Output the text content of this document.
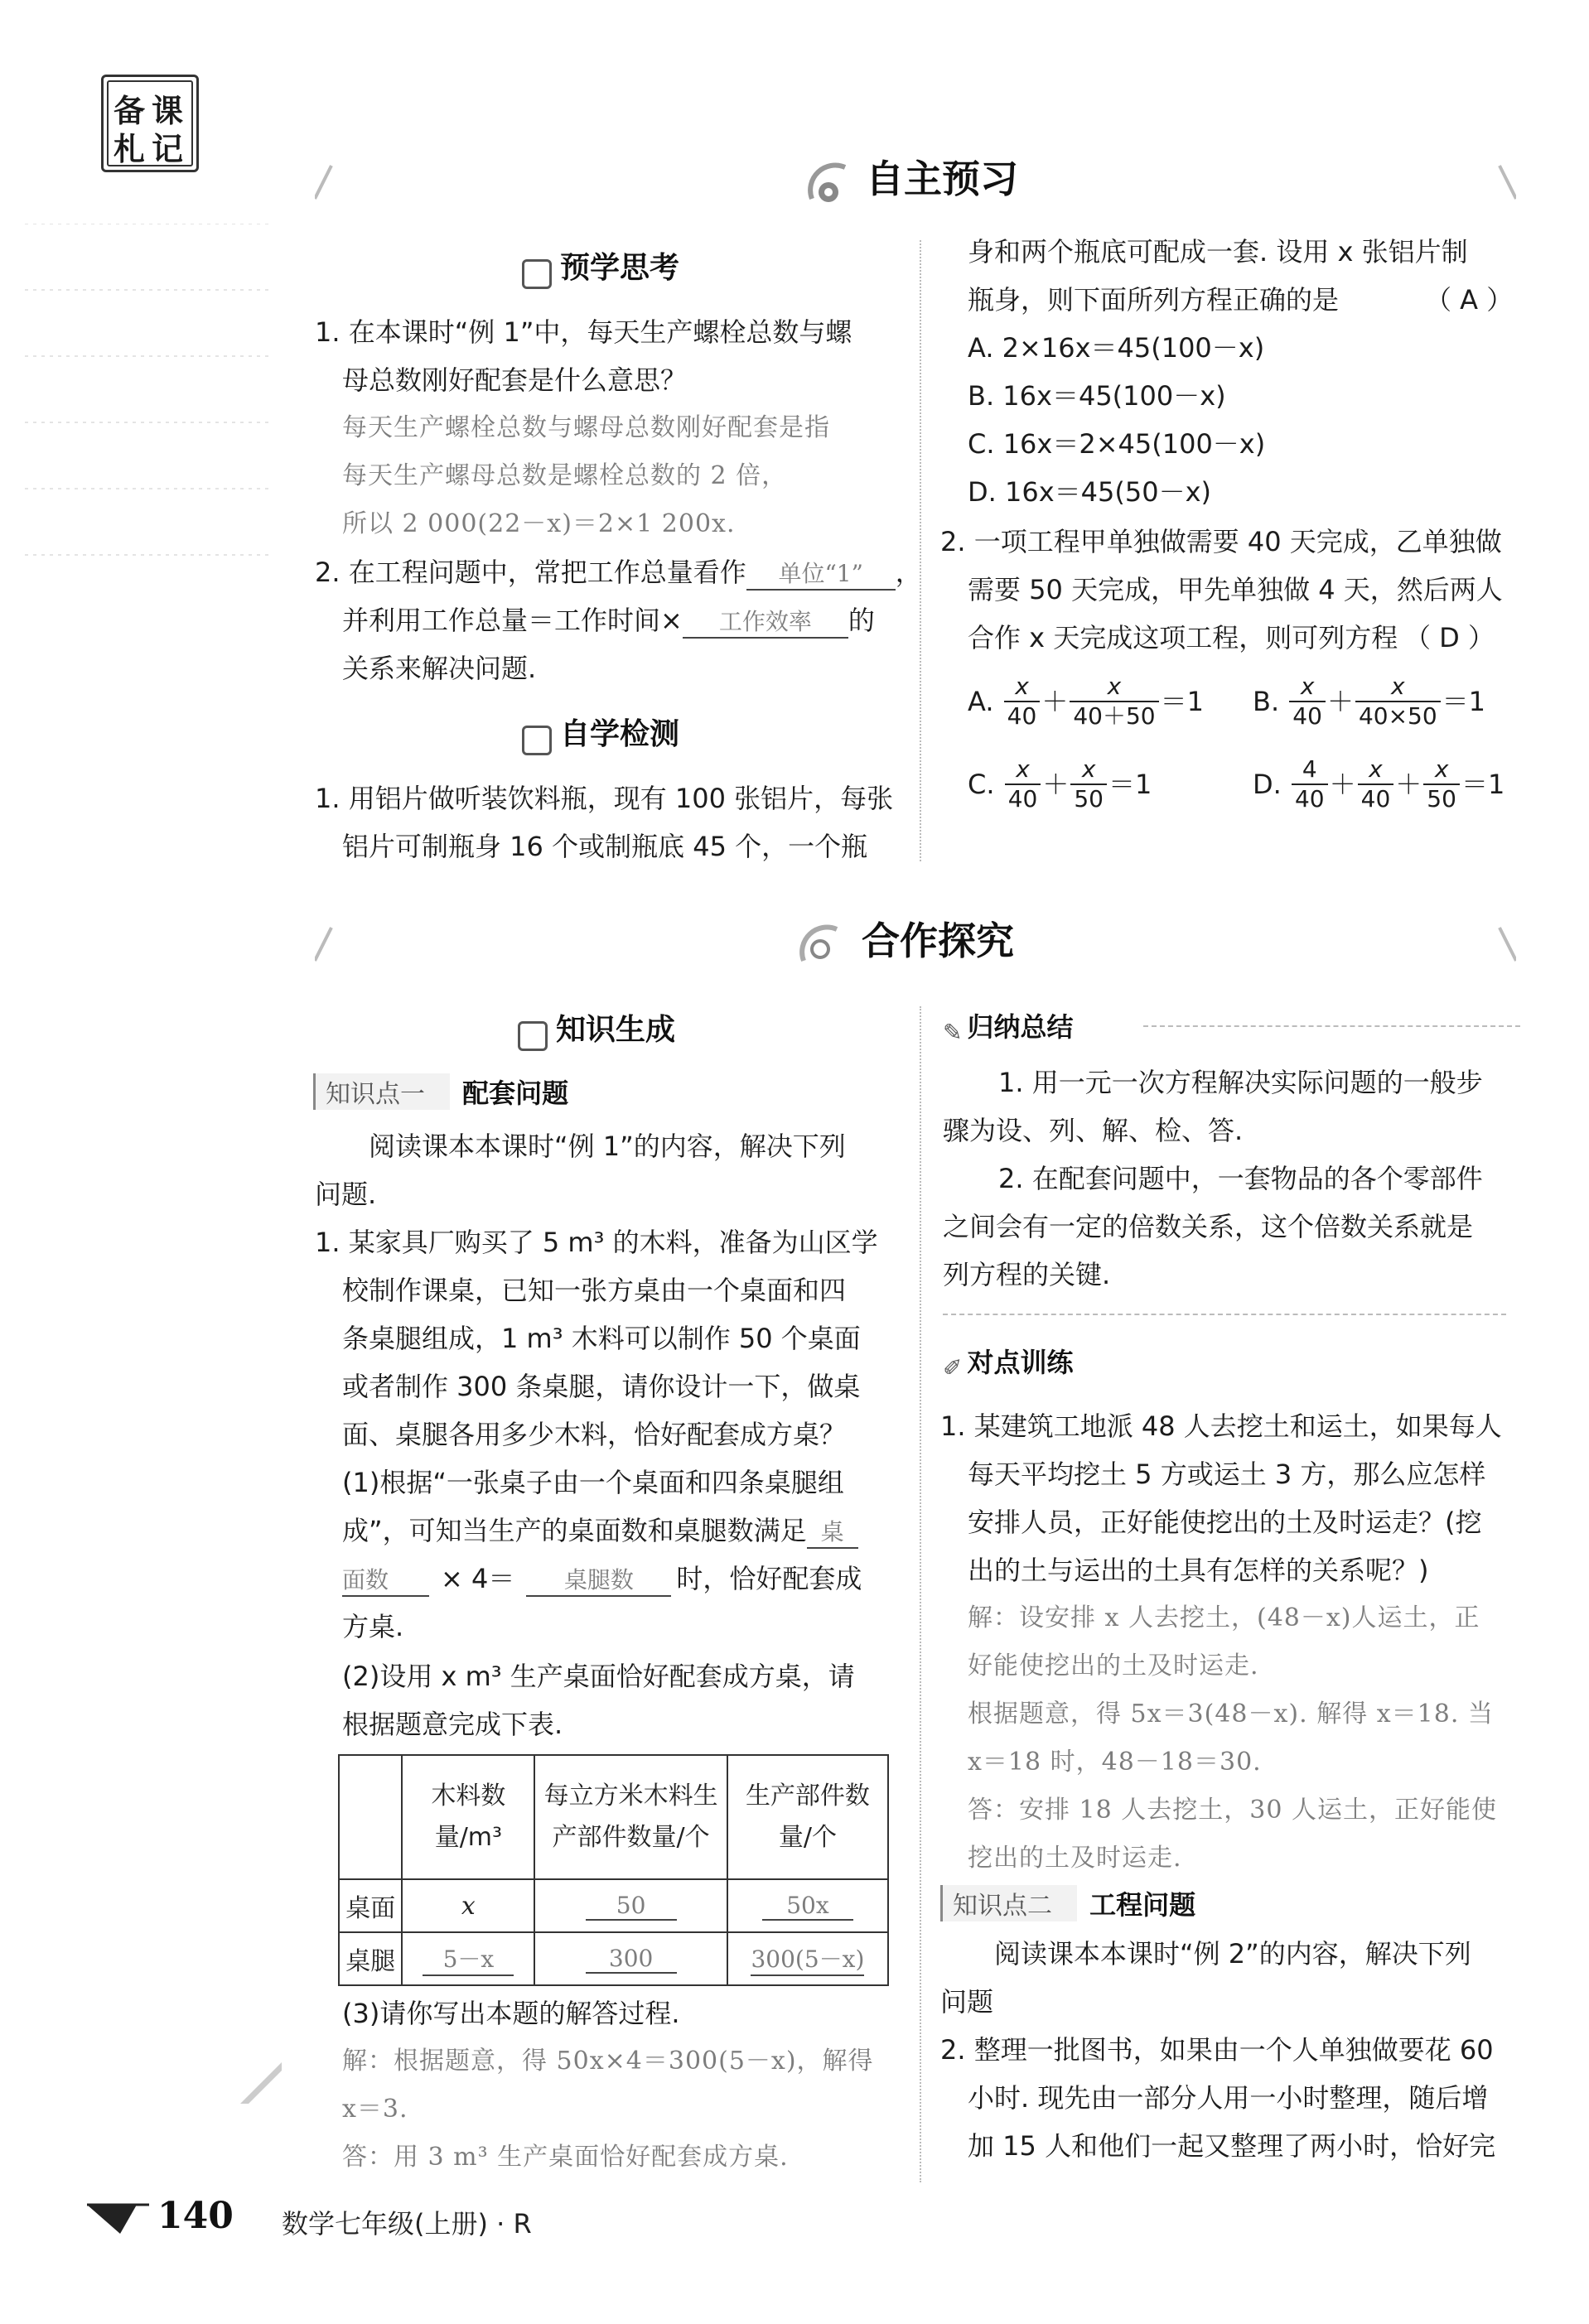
备 课
札 记
自主预习
预学思考
1. 在本课时“例 1”中，每天生产螺栓总数与螺
母总数刚好配套是什么意思？
每天生产螺栓总数与螺母总数刚好配套是指
每天生产螺母总数是螺栓总数的 2 倍，
所以 2 000(22－x)＝2×1 200x.
2. 在工程问题中，常把工作总量看作 单位“1” ，
并利用工作总量＝工作时间× 工作效率 的
关系来解决问题.
自学检测
1. 用铝片做听装饮料瓶，现有 100 张铝片，每张
铝片可制瓶身 16 个或制瓶底 45 个，一个瓶
身和两个瓶底可配成一套. 设用 x 张铝片制
瓶身，则下面所列方程正确的是	（ A ）
A. 2×16x＝45(100－x)
B. 16x＝45(100－x)
C. 16x＝2×45(100－x)
D. 16x＝45(50－x)
2. 一项工程甲单独做需要 40 天完成，乙单独做
需要 50 天完成，甲先单独做 4 天，然后两人
合作 x 天完成这项工程，则可列方程 （ D ）
A. $\frac{x}{40} + \frac{x}{40+50} =1$ B. $\frac{x}{40} + \frac{x}{40\times 50} =1$
C. $\frac{x}{40} + \frac{x}{50} =1$	D. $\frac{4}{40} + \frac{x}{40} + \frac{x}{50} =1$
合作探究
知识生成
知识点一 配套问题
阅读课本本课时“例 1”的内容，解决下列
问题.
1. 某家具厂购买了 5 m³ 的木料，准备为山区学
校制作课桌，已知一张方桌由一个桌面和四
条桌腿组成，1 m³ 木料可以制作 50 个桌面
或者制作 300 条桌腿，请你设计一下，做桌
面、桌腿各用多少木料，恰好配套成方桌？
(1)根据“一张桌子由一个桌面和四条桌腿组
成”，可知当生产的桌面数和桌腿数满足 桌
面数 × 4＝ 桌腿数 时，恰好配套成
方桌.
(2)设用 x m³ 生产桌面恰好配套成方桌，请
根据题意完成下表.
	木料数量/m³	每立方米木料生产部件数量/个	生产部件数量/个
桌面	x	50	50x
桌腿	5－x	300	300(5－x)
(3)请你写出本题的解答过程.
解：根据题意，得 50x×4＝300(5－x)，解得
x＝3.
答：用 3 m³ 生产桌面恰好配套成方桌.
✎ 归纳总结
1. 用一元一次方程解决实际问题的一般步
骤为设、列、解、检、答.
2. 在配套问题中，一套物品的各个零部件
之间会有一定的倍数关系，这个倍数关系就是
列方程的关键.
✐ 对点训练
1. 某建筑工地派 48 人去挖土和运土，如果每人
每天平均挖土 5 方或运土 3 方，那么应怎样
安排人员，正好能使挖出的土及时运走？(挖
出的土与运出的土具有怎样的关系呢？)
解：设安排 x 人去挖土，(48－x)人运土，正
好能使挖出的土及时运走.
根据题意，得 5x＝3(48－x). 解得 x＝18. 当
x＝18 时，48－18＝30.
答：安排 18 人去挖土，30 人运土，正好能使
挖出的土及时运走.
知识点二 工程问题
阅读课本本课时“例 2”的内容，解决下列
问题
2. 整理一批图书，如果由一个人单独做要花 60
小时. 现先由一部分人用一小时整理，随后增
加 15 人和他们一起又整理了两小时，恰好完
140 数学七年级(上册) · R
